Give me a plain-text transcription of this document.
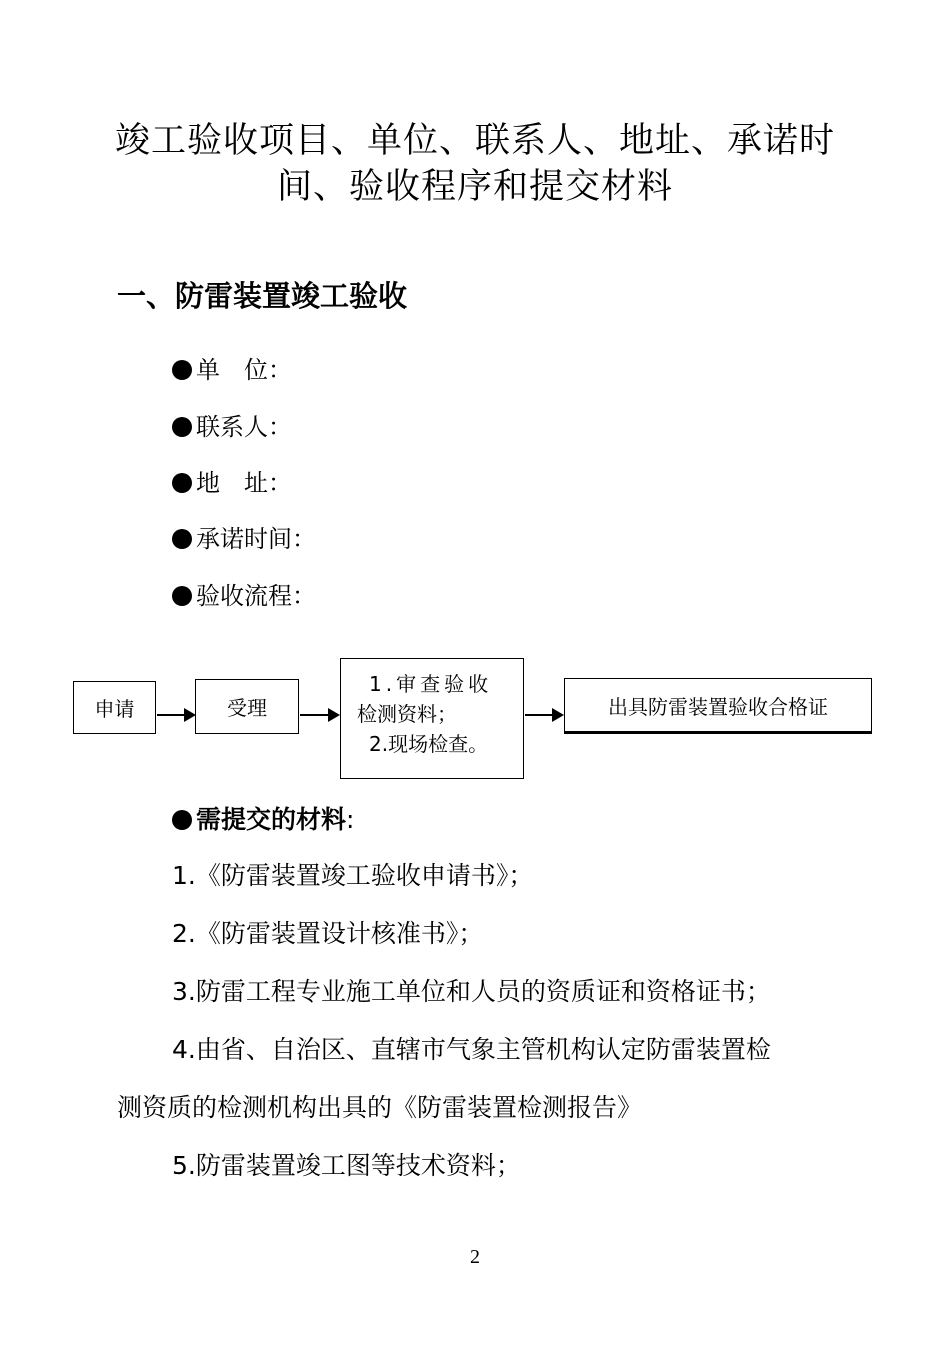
竣工验收项目、单位、联系人、地址、承诺时
间、验收程序和提交材料
一、防雷装置竣工验收
单　位：
联系人：
地　址：
承诺时间：
验收流程：
申请	受理
1.审查验收
检测资料；
2.现场检查。
出具防雷装置验收合格证
需提交的材料:
1.《防雷装置竣工验收申请书》；
2.《防雷装置设计核准书》；
3.防雷工程专业施工单位和人员的资质证和资格证书；
4.由省、自治区、直辖市气象主管机构认定防雷装置检
测资质的检测机构出具的《防雷装置检测报告》
5.防雷装置竣工图等技术资料；
2
